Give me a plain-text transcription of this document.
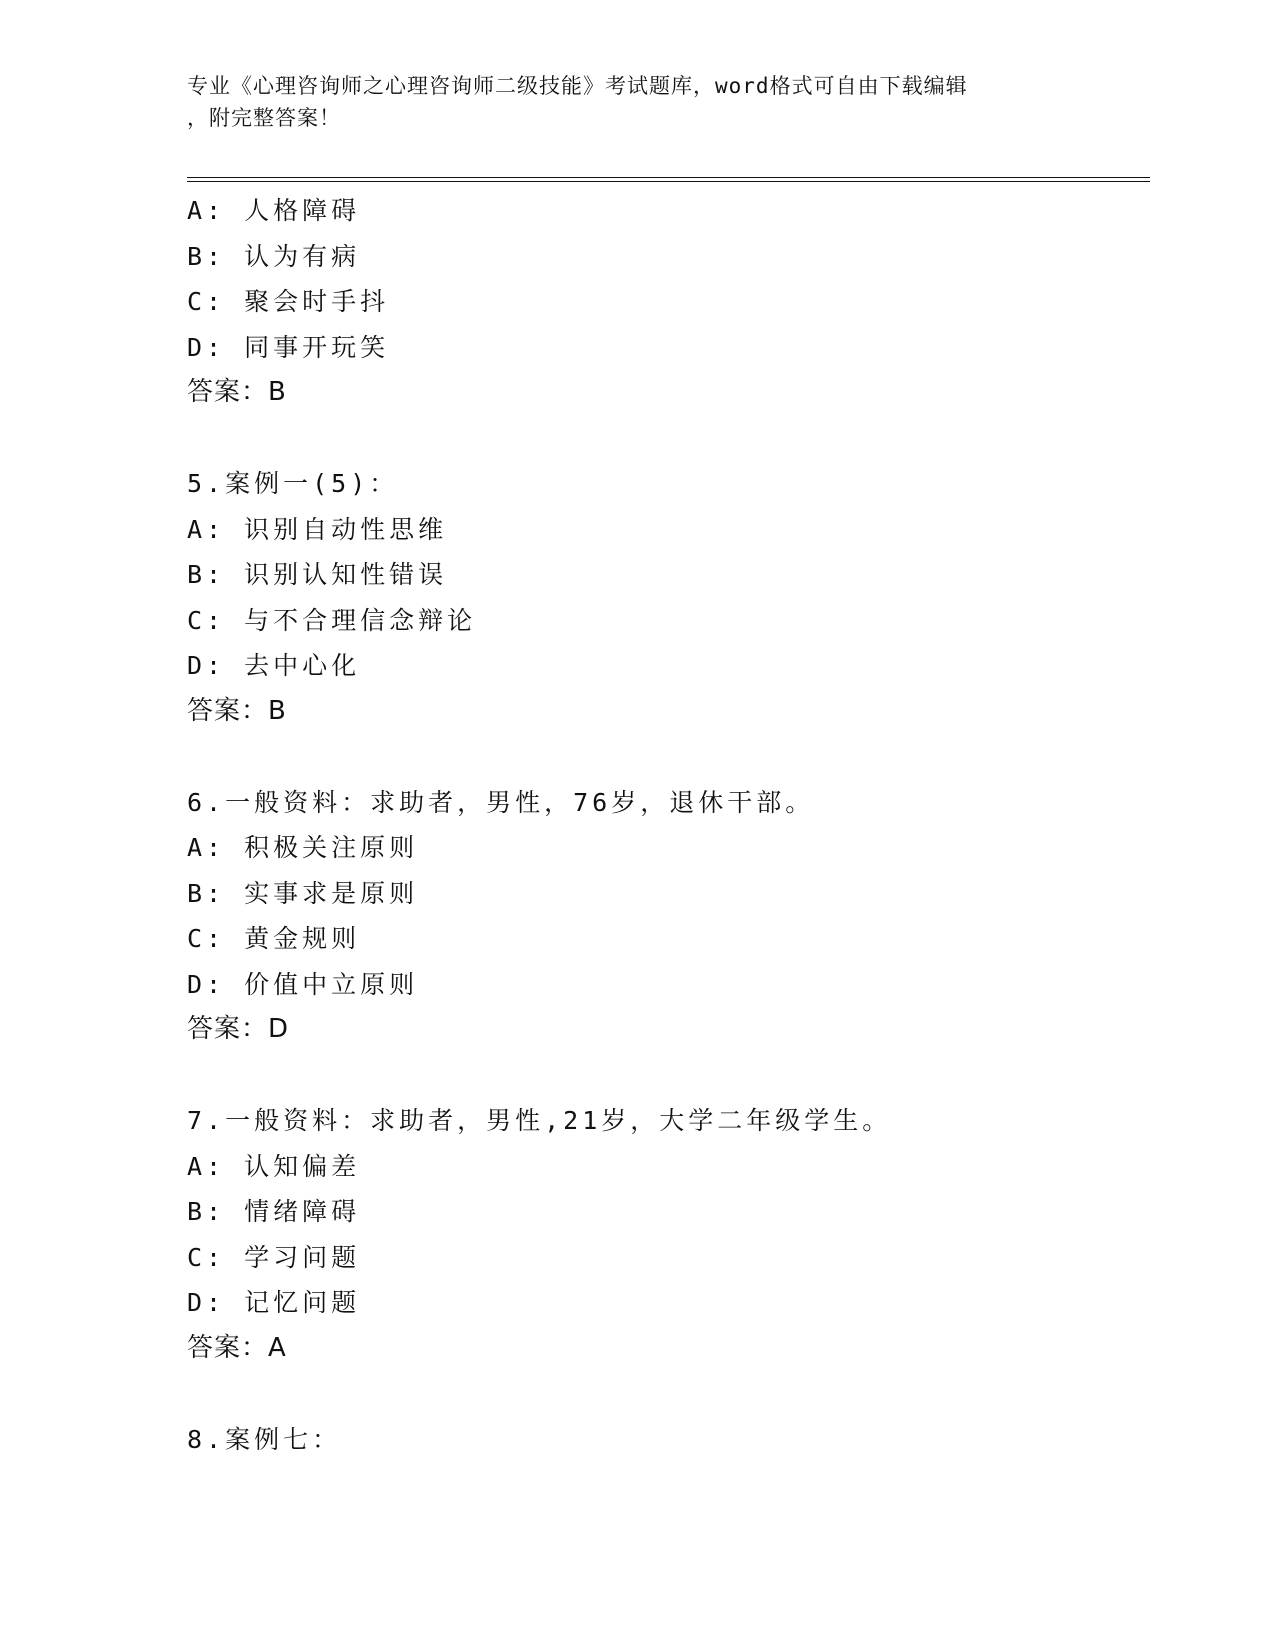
专业《心理咨询师之心理咨询师二级技能》考试题库，word格式可自由下载编辑
，附完整答案！
A: 人格障碍
B: 认为有病
C: 聚会时手抖
D: 同事开玩笑
答案：B
5.案例一(5)：
A: 识别自动性思维
B: 识别认知性错误
C: 与不合理信念辩论
D: 去中心化
答案：B
6.一般资料：求助者，男性，76岁，退休干部。
A: 积极关注原则
B: 实事求是原则
C: 黄金规则
D: 价值中立原则
答案：D
7.一般资料：求助者，男性,21岁，大学二年级学生。
A: 认知偏差
B: 情绪障碍
C: 学习问题
D: 记忆问题
答案：A
8.案例七：
